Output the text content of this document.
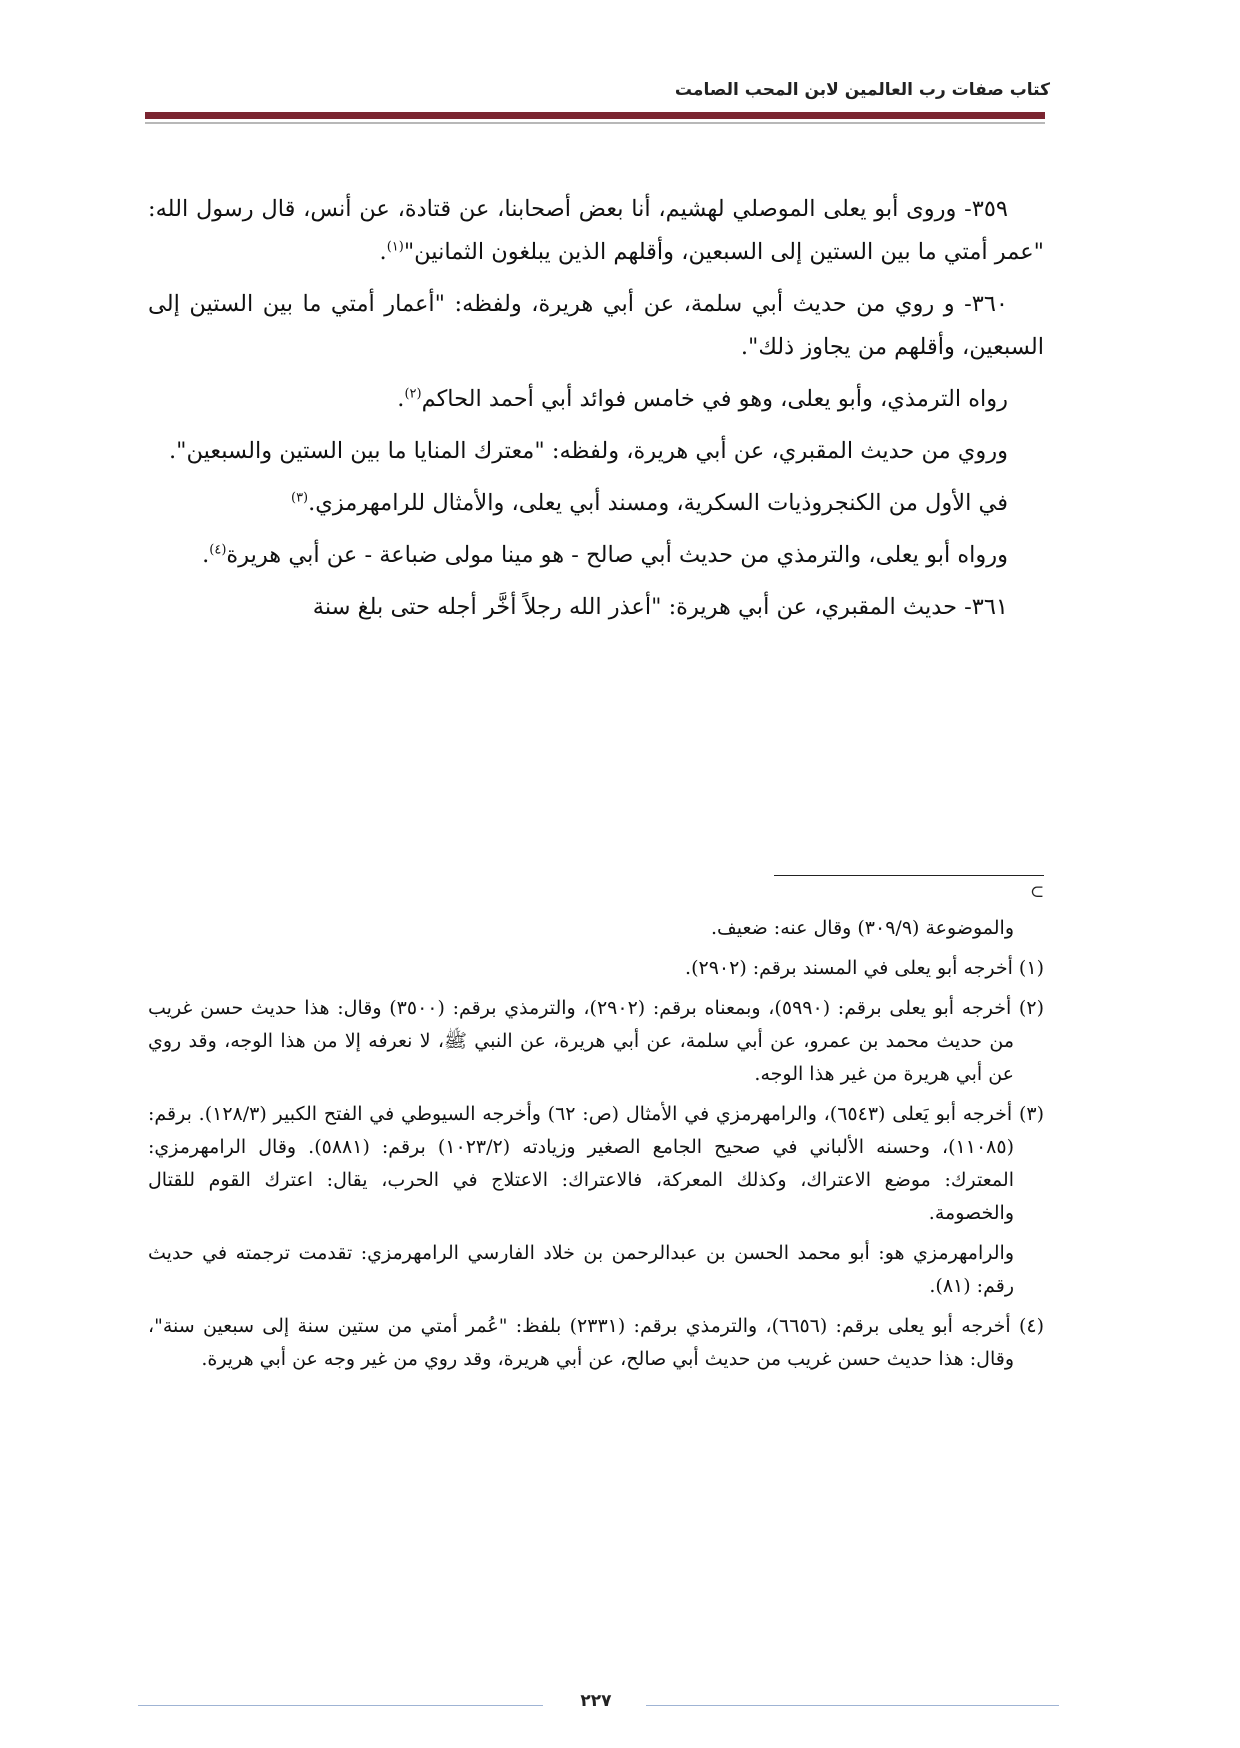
كتاب صفات رب العالمين لابن المحب الصامت

٣٥٩- وروى أبو يعلى الموصلي لهشيم، أنا بعض أصحابنا، عن قتادة، عن أنس، قال رسول الله: "عمر أمتي ما بين الستين إلى السبعين، وأقلهم الذين يبلغون الثمانين"$^{(١)}$.

٣٦٠- و روي من حديث أبي سلمة، عن أبي هريرة، ولفظه: "أعمار أمتي ما بين الستين إلى السبعين، وأقلهم من يجاوز ذلك".

رواه الترمذي، وأبو يعلى، وهو في خامس فوائد أبي أحمد الحاكم$^{(٢)}$.

وروي من حديث المقبري، عن أبي هريرة، ولفظه: "معترك المنايا ما بين الستين والسبعين".

في الأول من الكنجروذيات السكرية، ومسند أبي يعلى، والأمثال للرامهرمزي.$^{(٣)}$

ورواه أبو يعلى، والترمذي من حديث أبي صالح - هو مينا مولى ضباعة - عن أبي هريرة$^{(٤)}$.

٣٦١- حديث المقبري، عن أبي هريرة: "أعذر الله رجلاً أخَّر أجله حتى بلغ سنة

⊃

والموضوعة (٣٠٩/٩) وقال عنه: ضعيف.

(١) أخرجه أبو يعلى في المسند برقم: (٢٩٠٢).

(٢) أخرجه أبو يعلى برقم: (٥٩٩٠)، وبمعناه برقم: (٢٩٠٢)، والترمذي برقم: (٣٥٠٠) وقال: هذا حديث حسن غريب من حديث محمد بن عمرو، عن أبي سلمة، عن أبي هريرة، عن النبي ﷺ، لا نعرفه إلا من هذا الوجه، وقد روي عن أبي هريرة من غير هذا الوجه.

(٣) أخرجه أبو يَعلى (٦٥٤٣)، والرامهرمزي في الأمثال (ص: ٦٢) وأخرجه السيوطي في الفتح الكبير (١٢٨/٣). برقم: (١١٠٨٥)، وحسنه الألباني في صحيح الجامع الصغير وزيادته (١٠٢٣/٢) برقم: (٥٨٨١). وقال الرامهرمزي: المعترك: موضع الاعتراك، وكذلك المعركة، فالاعتراك: الاعتلاج في الحرب، يقال: اعترك القوم للقتال والخصومة.

والرامهرمزي هو: أبو محمد الحسن بن عبدالرحمن بن خلاد الفارسي الرامهرمزي: تقدمت ترجمته في حديث رقم: (٨١).

(٤) أخرجه أبو يعلى برقم: (٦٦٥٦)، والترمذي برقم: (٢٣٣١) بلفظ: "عُمر أمتي من ستين سنة إلى سبعين سنة"، وقال: هذا حديث حسن غريب من حديث أبي صالح، عن أبي هريرة، وقد روي من غير وجه عن أبي هريرة.

٢٢٧
